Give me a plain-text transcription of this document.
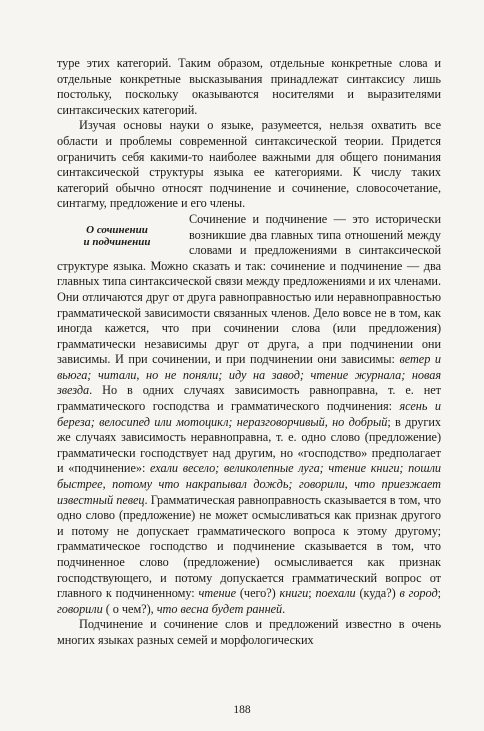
туре этих категорий. Таким образом, отдельные конкретные слова и отдельные конкретные высказывания принадлежат синтаксису лишь постольку, поскольку оказываются носителями и выразителями синтаксических категорий.

Изучая основы науки о языке, разумеется, нельзя охватить все области и проблемы современной синтаксической теории. Придется ограничить себя какими-то наиболее важными для общего понимания синтаксической структуры языка ее категориями. К числу таких категорий обычно относят подчинение и сочинение, словосочетание, синтагму, предложение и его члены.

О сочинении
и подчинении

Сочинение и подчинение — это исторически возникшие два главных типа отношений между словами и предложениями в синтаксической структуре языка. Можно сказать и так: сочинение и подчинение — два главных типа синтаксической связи между предложениями и их членами. Они отличаются друг от друга равноправностью или неравноправностью грамматической зависимости связанных членов. Дело вовсе не в том, как иногда кажется, что при сочинении слова (или предложения) грамматически независимы друг от друга, а при подчинении они зависимы. И при сочинении, и при подчинении они зависимы: ветер и вьюга; читали, но не поняли; иду на завод; чтение журнала; новая звезда. Но в одних случаях зависимость равноправна, т. е. нет грамматического господства и грамматического подчинения: ясень и береза; велосипед или мотоцикл; неразговорчивый, но добрый; в других же случаях зависимость неравноправна, т. е. одно слово (предложение) грамматически господствует над другим, но «господство» предполагает и «подчинение»: ехали весело; великолепные луга; чтение книги; пошли быстрее, потому что накрапывал дождь; говорили, что приезжает известный певец. Грамматическая равноправность сказывается в том, что одно слово (предложение) не может осмысливаться как признак другого и потому не допускает грамматического вопроса к этому другому; грамматическое господство и подчинение сказывается в том, что подчиненное слово (предложение) осмысливается как признак господствующего, и потому допускается грамматический вопрос от главного к подчиненному: чтение (чего?) книги; поехали (куда?) в город; говорили ( о чем?), что весна будет ранней.

Подчинение и сочинение слов и предложений известно в очень многих языках разных семей и морфологических

188
